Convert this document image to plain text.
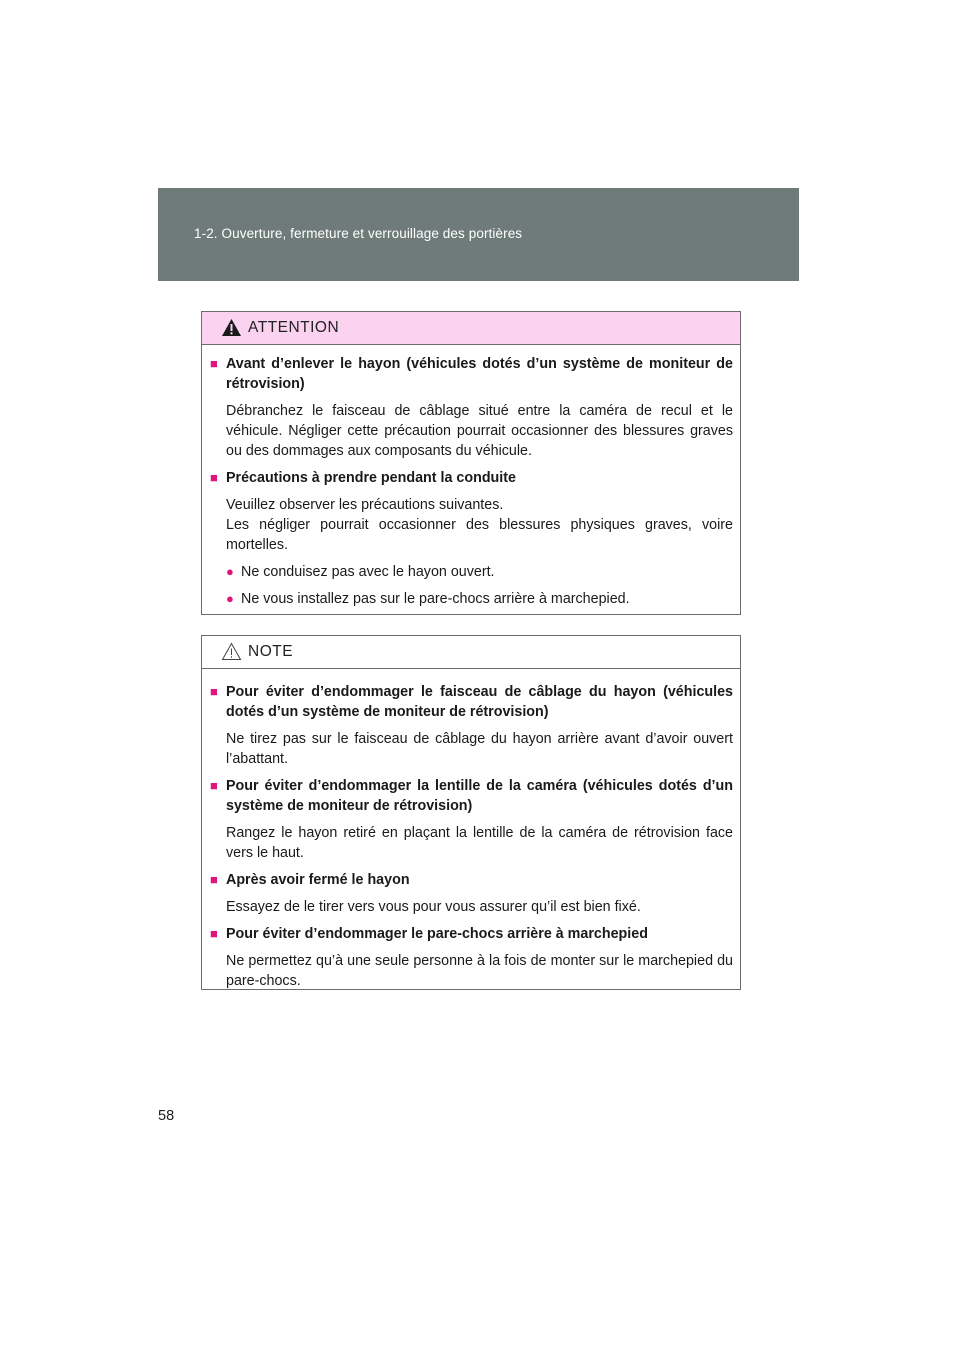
1-2. Ouverture, fermeture et verrouillage des portières
ATTENTION
■ Avant d’enlever le hayon (véhicules dotés d’un système de moniteur de rétrovision)
Débranchez le faisceau de câblage situé entre la caméra de recul et le véhicule. Négliger cette précaution pourrait occasionner des blessures graves ou des dommages aux composants du véhicule.
■ Précautions à prendre pendant la conduite
Veuillez observer les précautions suivantes.
Les négliger pourrait occasionner des blessures physiques graves, voire mortelles.
● Ne conduisez pas avec le hayon ouvert.
● Ne vous installez pas sur le pare-chocs arrière à marchepied.
NOTE
■ Pour éviter d’endommager le faisceau de câblage du hayon (véhicules dotés d’un système de moniteur de rétrovision)
Ne tirez pas sur le faisceau de câblage du hayon arrière avant d’avoir ouvert l’abattant.
■ Pour éviter d’endommager la lentille de la caméra (véhicules dotés d’un système de moniteur de rétrovision)
Rangez le hayon retiré en plaçant la lentille de la caméra de rétrovision face vers le haut.
■ Après avoir fermé le hayon
Essayez de le tirer vers vous pour vous assurer qu’il est bien fixé.
■ Pour éviter d’endommager le pare-chocs arrière à marchepied
Ne permettez qu’à une seule personne à la fois de monter sur le marchepied du pare-chocs.
58
